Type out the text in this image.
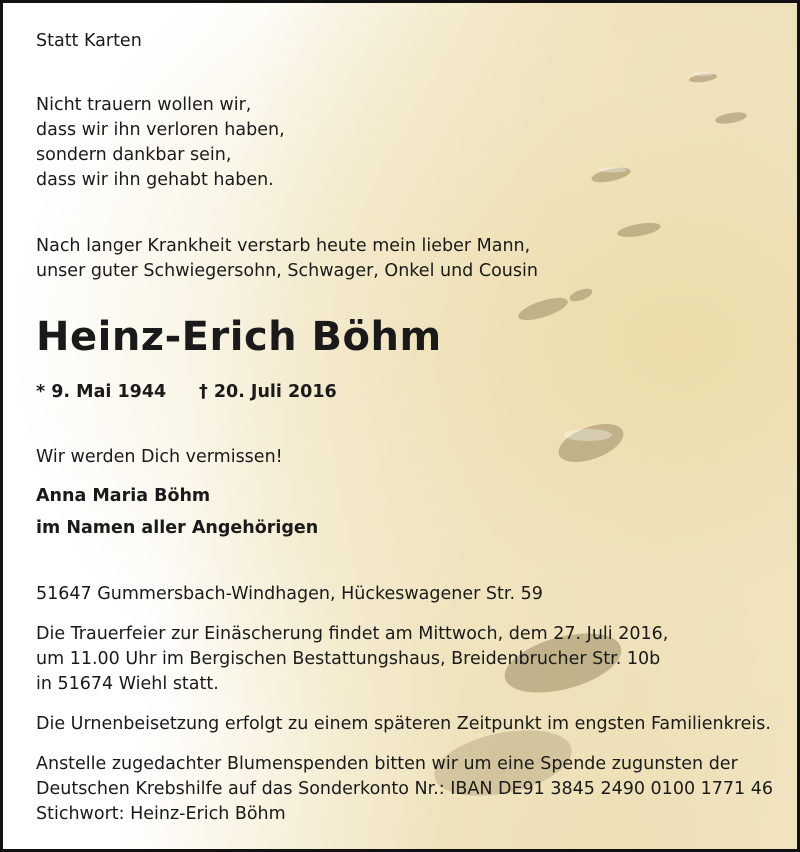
Statt Karten
Nicht trauern wollen wir,
dass wir ihn verloren haben,
sondern dankbar sein,
dass wir ihn gehabt haben.
Nach langer Krankheit verstarb heute mein lieber Mann,
unser guter Schwiegersohn, Schwager, Onkel und Cousin
Heinz-Erich Böhm
* 9. Mai 1944 † 20. Juli 2016
Wir werden Dich vermissen!
Anna Maria Böhm
im Namen aller Angehörigen
51647 Gummersbach-Windhagen, Hückeswagener Str. 59
Die Trauerfeier zur Einäscherung findet am Mittwoch, dem 27. Juli 2016,
um 11.00 Uhr im Bergischen Bestattungshaus, Breidenbrucher Str. 10b
in 51674 Wiehl statt.
Die Urnenbeisetzung erfolgt zu einem späteren Zeitpunkt im engsten Familienkreis.
Anstelle zugedachter Blumenspenden bitten wir um eine Spende zugunsten der
Deutschen Krebshilfe auf das Sonderkonto Nr.: IBAN DE91 3845 2490 0100 1771 46
Stichwort: Heinz-Erich Böhm
